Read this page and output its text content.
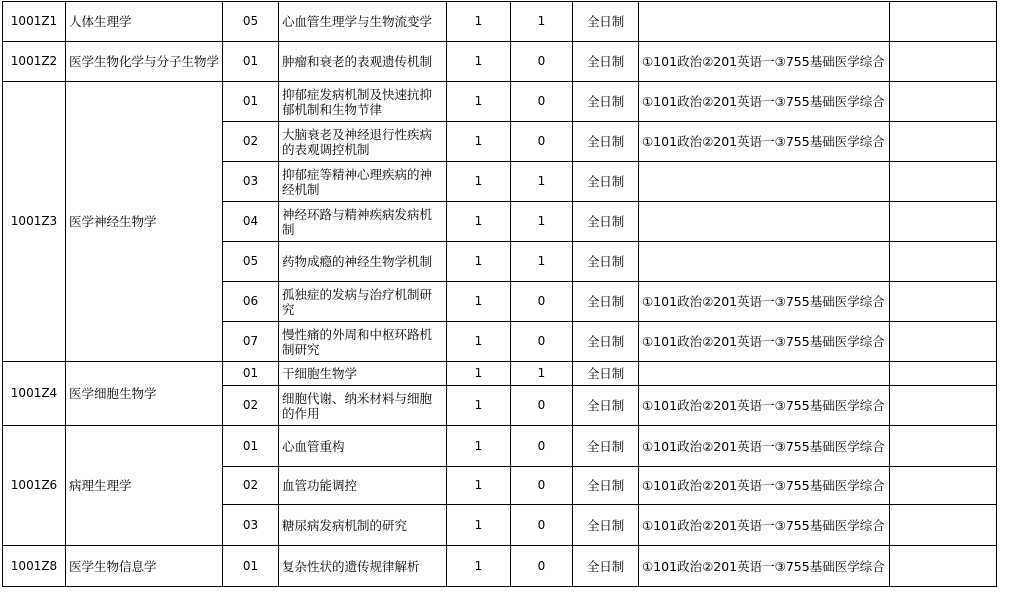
1001Z1	人体生理学	05	心血管生理学与生物流变学	1	1	全日制		
1001Z2	医学生物化学与分子生物学	01	肿瘤和衰老的表观遗传机制	1	0	全日制	①101政治②201英语一③755基础医学综合	
1001Z3	医学神经生物学	01	抑郁症发病机制及快速抗抑郁机制和生物节律	1	0	全日制	①101政治②201英语一③755基础医学综合	
		02	大脑衰老及神经退行性疾病的表观调控机制	1	0	全日制	①101政治②201英语一③755基础医学综合	
		03	抑郁症等精神心理疾病的神经机制	1	1	全日制		
		04	神经环路与精神疾病发病机制	1	1	全日制		
		05	药物成瘾的神经生物学机制	1	1	全日制		
		06	孤独症的发病与治疗机制研究	1	0	全日制	①101政治②201英语一③755基础医学综合	
		07	慢性痛的外周和中枢环路机制研究	1	0	全日制	①101政治②201英语一③755基础医学综合	
1001Z4	医学细胞生物学	01	干细胞生物学	1	1	全日制		
		02	细胞代谢、纳米材料与细胞的作用	1	0	全日制	①101政治②201英语一③755基础医学综合	
1001Z6	病理生理学	01	心血管重构	1	0	全日制	①101政治②201英语一③755基础医学综合	
		02	血管功能调控	1	0	全日制	①101政治②201英语一③755基础医学综合	
		03	糖尿病发病机制的研究	1	0	全日制	①101政治②201英语一③755基础医学综合	
1001Z8	医学生物信息学	01	复杂性状的遗传规律解析	1	0	全日制	①101政治②201英语一③755基础医学综合	
